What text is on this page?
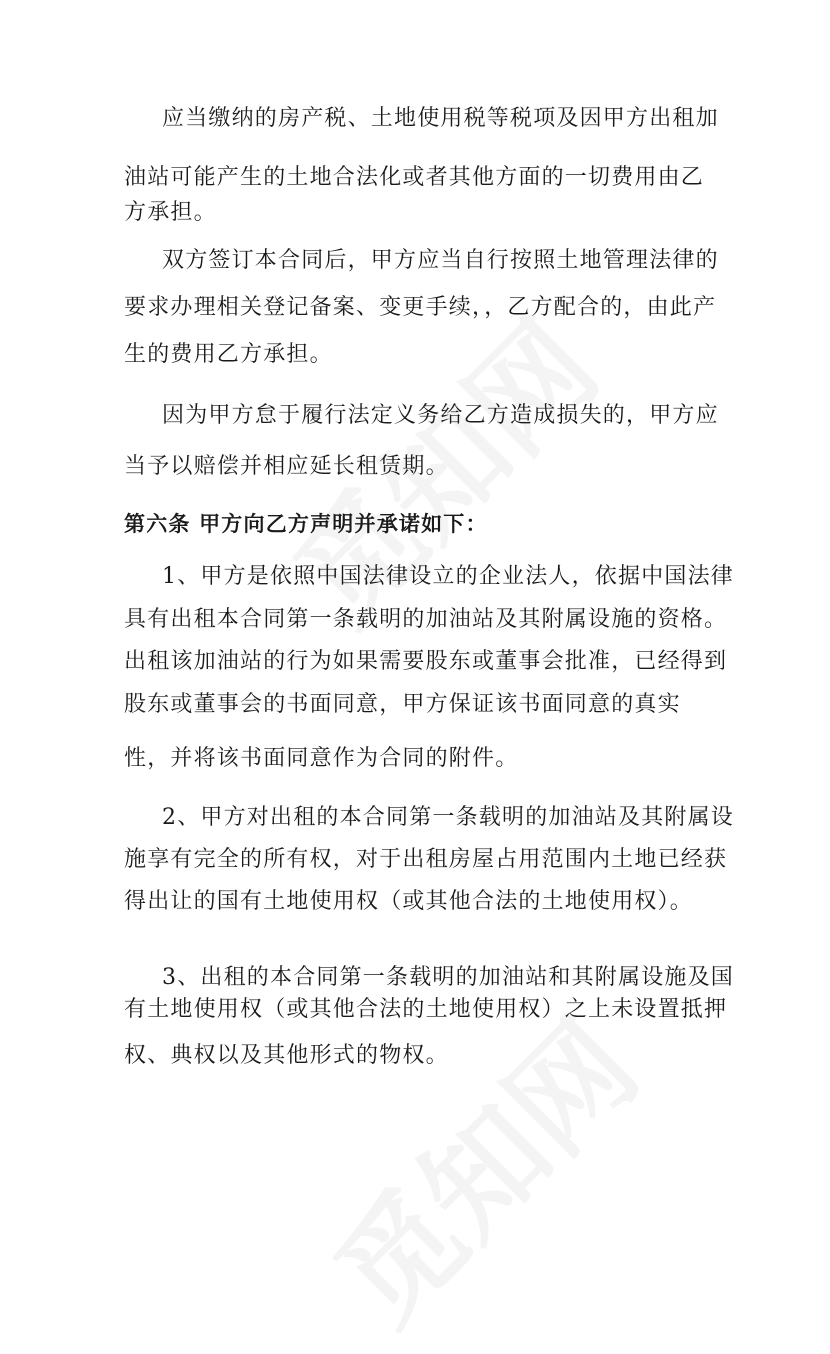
应当缴纳的房产税、土地使用税等税项及因甲方出租加
油站可能产生的土地合法化或者其他方面的一切费用由乙
方承担。
双方签订本合同后，甲方应当自行按照土地管理法律的
要求办理相关登记备案、变更手续，，乙方配合的，由此产
生的费用乙方承担。
因为甲方怠于履行法定义务给乙方造成损失的，甲方应
当予以赔偿并相应延长租赁期。
第六条 甲方向乙方声明并承诺如下：
1、甲方是依照中国法律设立的企业法人，依据中国法律
具有出租本合同第一条载明的加油站及其附属设施的资格。
出租该加油站的行为如果需要股东或董事会批准，已经得到
股东或董事会的书面同意，甲方保证该书面同意的真实
性，并将该书面同意作为合同的附件。
2、甲方对出租的本合同第一条载明的加油站及其附属设
施享有完全的所有权，对于出租房屋占用范围内土地已经获
得出让的国有土地使用权（或其他合法的土地使用权）。
3、出租的本合同第一条载明的加油站和其附属设施及国
有土地使用权（或其他合法的土地使用权）之上未设置抵押
权、典权以及其他形式的物权。
